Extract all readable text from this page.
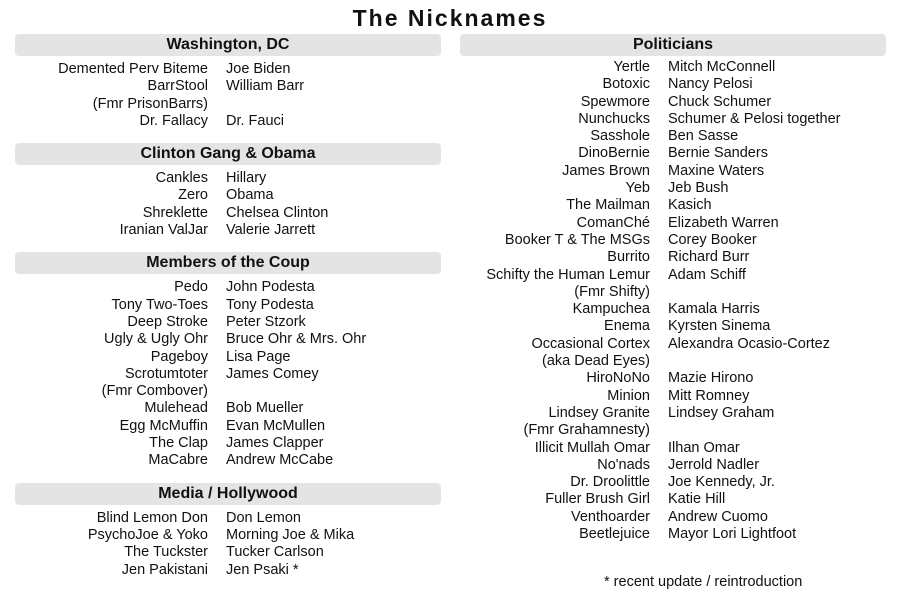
The Nicknames
Washington, DC
Demented Perv Biteme	Joe Biden
BarrStool	William Barr
(Fmr PrisonBarrs)
Dr. Fallacy	Dr. Fauci
Clinton Gang & Obama
Cankles	Hillary
Zero	Obama
Shreklette	Chelsea Clinton
Iranian ValJar	Valerie Jarrett
Members of the Coup
Pedo	John Podesta
Tony Two-Toes	Tony Podesta
Deep Stroke	Peter Stzork
Ugly & Ugly Ohr	Bruce Ohr & Mrs. Ohr
Pageboy	Lisa Page
Scrotumtoter	James Comey
(Fmr Combover)
Mulehead	Bob Mueller
Egg McMuffin	Evan McMullen
The Clap	James Clapper
MaCabre	Andrew McCabe
Media / Hollywood
Blind Lemon Don	Don Lemon
PsychoJoe & Yoko	Morning Joe & Mika
The Tuckster	Tucker Carlson
Jen Pakistani	Jen Psaki *
Politicians
Yertle	Mitch McConnell
Botoxic	Nancy Pelosi
Spewmore	Chuck Schumer
Nunchucks	Schumer & Pelosi together
Sasshole	Ben Sasse
DinoBernie	Bernie Sanders
James Brown	Maxine Waters
Yeb	Jeb Bush
The Mailman	Kasich
ComanChé	Elizabeth Warren
Booker T & The MSGs	Corey Booker
Burrito	Richard Burr
Schifty the Human Lemur	Adam Schiff
(Fmr Shifty)
Kampuchea	Kamala Harris
Enema	Kyrsten Sinema
Occasional Cortex	Alexandra Ocasio-Cortez
(aka Dead Eyes)
HiroNoNo	Mazie Hirono
Minion	Mitt Romney
Lindsey Granite	Lindsey Graham
(Fmr Grahamnesty)
Illicit Mullah Omar	Ilhan Omar
No'nads	Jerrold Nadler
Dr. Droolittle	Joe Kennedy, Jr.
Fuller Brush Girl	Katie Hill
Venthoarder	Andrew Cuomo
Beetlejuice	Mayor Lori Lightfoot
* recent update / reintroduction
